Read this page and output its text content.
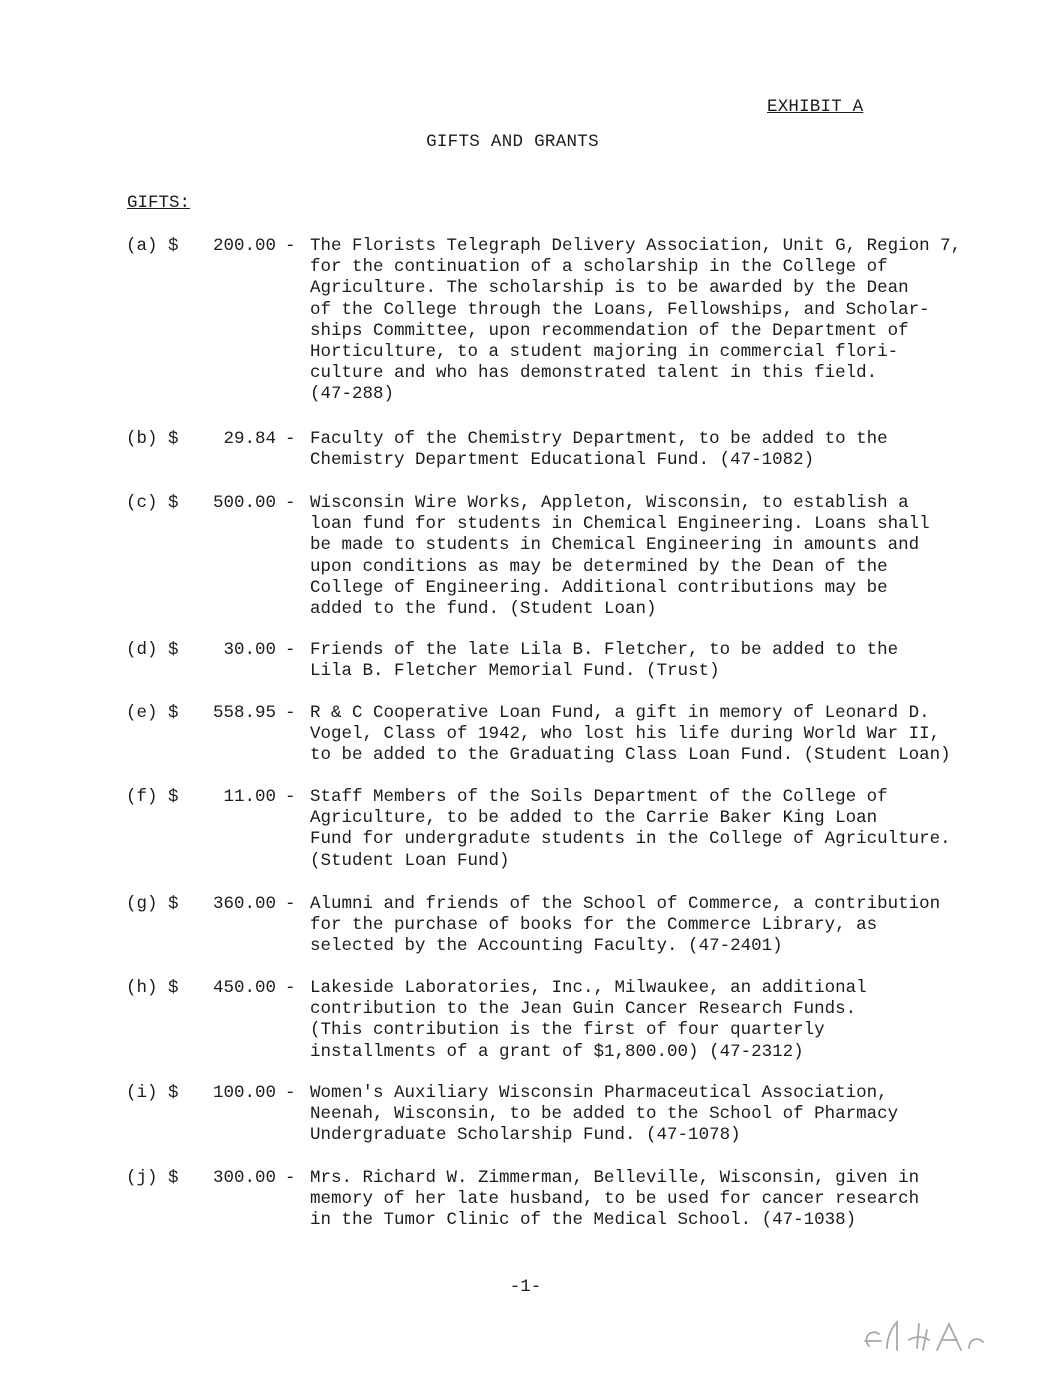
EXHIBIT A
GIFTS AND GRANTS
GIFTS:
(a) $	200.00 - The Florists Telegraph Delivery Association, Unit G, Region 7,
for the continuation of a scholarship in the College of
Agriculture. The scholarship is to be awarded by the Dean
of the College through the Loans, Fellowships, and Scholar-
ships Committee, upon recommendation of the Department of
Horticulture, to a student majoring in commercial flori-
culture and who has demonstrated talent in this field.
(47-288)
(b) $	29.84 - Faculty of the Chemistry Department, to be added to the
Chemistry Department Educational Fund. (47-1082)
(c) $	500.00 - Wisconsin Wire Works, Appleton, Wisconsin, to establish a
loan fund for students in Chemical Engineering. Loans shall
be made to students in Chemical Engineering in amounts and
upon conditions as may be determined by the Dean of the
College of Engineering. Additional contributions may be
added to the fund. (Student Loan)
(d) $	30.00 - Friends of the late Lila B. Fletcher, to be added to the
Lila B. Fletcher Memorial Fund. (Trust)
(e) $	558.95 - R & C Cooperative Loan Fund, a gift in memory of Leonard D.
Vogel, Class of 1942, who lost his life during World War II,
to be added to the Graduating Class Loan Fund. (Student Loan)
(f) $	11.00 - Staff Members of the Soils Department of the College of
Agriculture, to be added to the Carrie Baker King Loan
Fund for undergradute students in the College of Agriculture.
(Student Loan Fund)
(g) $	360.00 - Alumni and friends of the School of Commerce, a contribution
for the purchase of books for the Commerce Library, as
selected by the Accounting Faculty. (47-2401)
(h) $	450.00 - Lakeside Laboratories, Inc., Milwaukee, an additional
contribution to the Jean Guin Cancer Research Funds.
(This contribution is the first of four quarterly
installments of a grant of $1,800.00) (47-2312)
(i) $	100.00 - Women's Auxiliary Wisconsin Pharmaceutical Association,
Neenah, Wisconsin, to be added to the School of Pharmacy
Undergraduate Scholarship Fund. (47-1078)
(j) $	300.00 - Mrs. Richard W. Zimmerman, Belleville, Wisconsin, given in
memory of her late husband, to be used for cancer research
in the Tumor Clinic of the Medical School. (47-1038)
-1-
